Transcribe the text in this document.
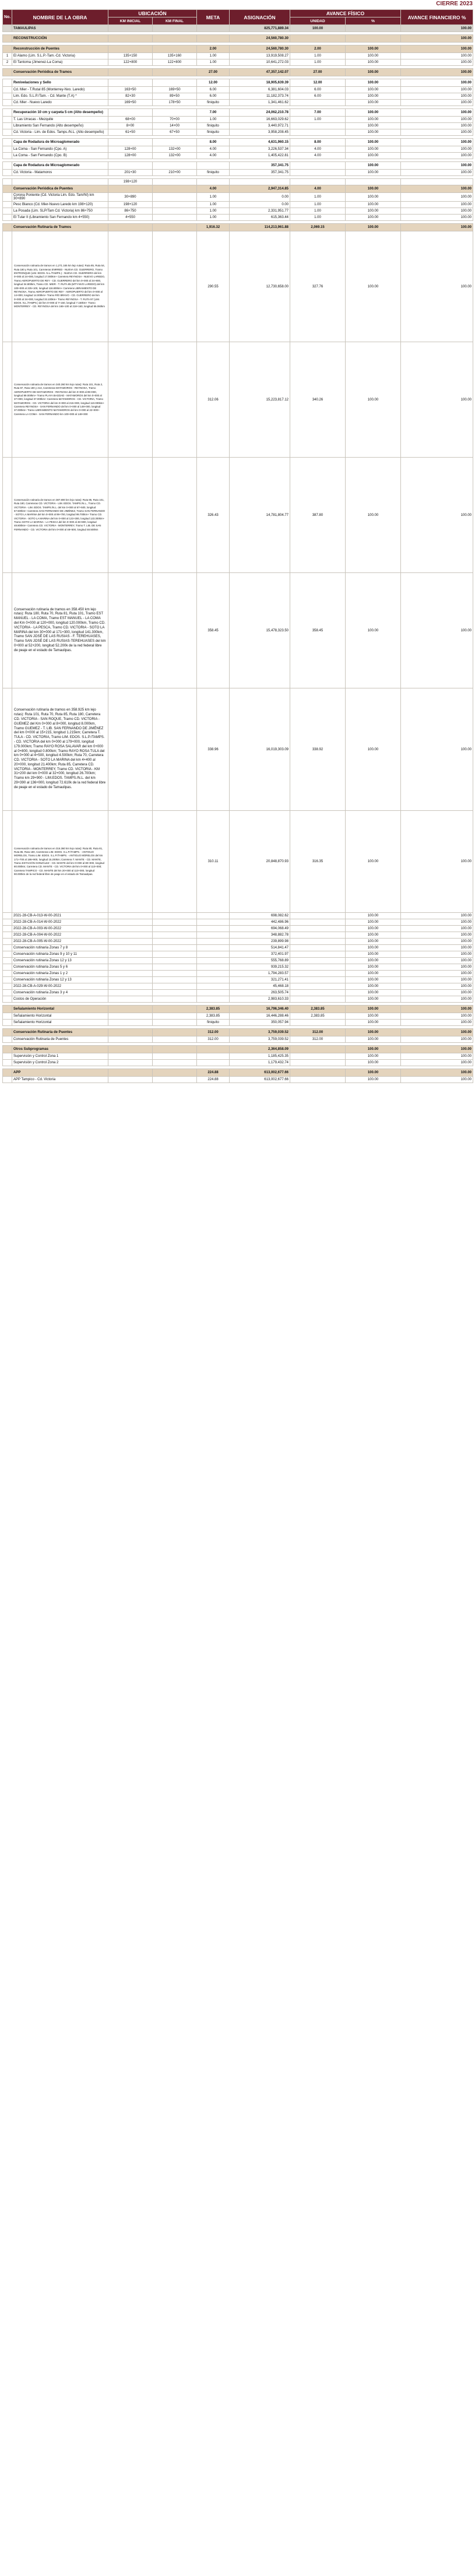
CIERRE 2023
No.	NOMBRE DE LA OBRA	UBICACIÓN		META	ASIGNACIÓN	AVANCE FÍSICO		AVANCE FINANCIERO %
		KM INICIAL	KM FINAL			UNIDAD	%	
	TAMAULIPAS				825,771,889.34	100.00		100.00

	RECONSTRUCCIÓN				24,560,780.30			100.00

	Reconstrucción de Puentes			2.00	24,560,780.30	2.00	100.00	100.00
1	El Alamo (Lim. S.L.P.-Tam.-Cd. Victoria)	135+150	135+160	1.00	13,919,508.27	1.00	100.00	100.00
2	El Tantoma (Jimenez-La Coma)	122+800	122+800	1.00	10,641,272.03	1.00	100.00	100.00

	Conservación Periódica de Tramos			27.00	47,357,142.07	27.00	100.00	100.00

	Renivelaciones y Sello			12.00	18,905,639.39	12.00	100.00	100.00
	Cd. Mier - T.Rutal 85 (Monterrey-Nvo. Laredo)	163+50	169+50	6.00	6,381,604.03	6.00	100.00	100.00
	Lim. Edo. S.L.P./Tam. - Cd. Mante (T.A) *	82+30	89+50	6.00	11,182,373.74	6.00	100.00	100.00
	Cd. Mier - Nuevo Laredo	169+50	178+50	finiquito	1,341,461.62		100.00	100.00

	Recuperación 10 cm y carpeta 5 cm (Alto desempeño)			7.00	24,062,210.78	7.00	100.00	100.00
	T. Las Urracas - Mezquite	68+00	70+00	1.00	16,663,029.62	1.00	100.00	100.00
	Libramiento San Fernando (Alto desempeño)	8+00	14+00	finiquito	3,440,972.71		100.00	100.00
	Cd. Victoria - Lim. de Edos. Tamps./N.L. (Alto desempeño)	61+50	67+50	finiquito	3,958,208.45		100.00	100.00

	Capa de Rodadura de Microaglomerado			8.00	4,631,960.15	8.00	100.00	100.00
	La Coma - San Fernando (Cpo. A)	128+00	132+00	4.00	3,226,537.34	4.00	100.00	100.00
	La Coma - San Fernando (Cpo. B)	128+00	132+00	4.00	1,405,422.81	4.00	100.00	100.00

	Capa de Rodadura de Microaglomerado				357,341.75		100.00	100.00
	Cd. Victoria - Matamoros	201+30	210+00	finiquito	357,341.75		100.00	100.00

		198+120						
	Conservación Periódica de Puentes			4.00	2,947,314.85	4.00	100.00	100.00
	Corona Poniente (Cd. Victoria Lim. Edo. Tam/Nl) km 30+890	30+890		1.00	0.00	1.00	100.00	100.00
	Pesc Blanco (Cd. Mier-Nuevo Laredo km 198+120)	198+120		1.00	0.00	1.00	100.00	100.00
	La Posada (Lim. SLP/Tam Cd. Victoria) km 86+750	86+750		1.00	2,331,951.77	1.00	100.00	100.00
	El Tular II (Libramiento San Fernando km 4+550)	4+550		1.00	615,363.44	1.00	100.00	100.00

	Conservación Rutinaria de Tramos			1,916.32	114,213,961.88	2,069.15	100.00	100.00
	Conservación rutinaria de tramos en 1,271.165 km lejo rutas): Ruta 85, Ruta 54, Ruta 180 y Ruta 101, Carreteras ENRRED - NUEVA CD. GUERRERO, Tramo ENTRONQUE (LIM. EDOS. N.L./TAMPS.) - NUEVA CD. GUERRERO del km 0+000 al 24+000, longitud 17.000km+ Carretera REYNOSA - NUEVO LAREDO, Tramo AEROPUERTO DE REY - CD. GUERRERO del km 0+000 al 34+800, longitud 34.800km, Tramo CD. MIER - T. RUTA 85 (MTY-NVO LAREDO) del km 100+000 al 225+100, longitud 118.800km+ Carretera LIBRAMIENTO DE REYNOSA, Tramo AEROPUERTO DE REY - AEROPUERTO del km 0+000 al 14+000, longitud 14.000km+ Tramo RÍO BRAVO - CD. GUERRERO del km 0+000 al 34+000, longitud 33.100km+ Tramo REYNOSA - T. RUTA 97 (LIM. EDOS. N.L./TAMPS.) del km 0+000 al 7+150, longitud 7.150km+ Tramo MONTERREY - CD. REYNOSA del km 165+100 al 218+160, longitud 55.060km			290.55	12,730,658.00	327.76	100.00	100.00
	Conservación rutinaria de tramos en 340.260 km lejo rutas): Ruta 101, Ruta 2, Ruta 97, Ruta 180 y 213, Carreteras MATAMOROS - REYNOSA, Tramo AEROPUERTO DE MATAMOROS - REYNOSA del km 0+000 al 89+000, longitud 89.000km+ Tramo PLAYA BAGDAD - MATAMOROS del km 0+000 al 37+000, longitud 37.000km+ Carretera MATAMOROS - CD. VICTORIA, Tramo MATAMOROS - CD. VICTORIA del km 0+000 al 215+000, longitud 110.000km+ Carretera REYNOSA - SAN FERNANDO del km 0+000 al 148+000, longitud 37.000km+ Tramo LIBRAMIENTO MATAMOROS del km 0+000 al 22+000+ Carretera LA COMA - SAN FERNANDO km 100+000 al 148+000			312.06	15,223,817.12	340.26	100.00	100.00
	Conservación rutinaria de tramos en 387.800 km lejo rutas): Ruta 85, Ruta 101, Ruta 180, Carreteras CD. VICTORIA - LIM. EDOS. TAMPS./N.L., Tramo CD. VICTORIA - LIM. EDOS. TAMPS./N.L. del km 0+000 al 67+500, longitud 67.500km+ Carretera SAN FERNANDO DE JIMÉNEZ, Tramo SAN FERNANDO - SOTO LA MARINA del km 0+000 al 99+700, longitud 99.700km+ Tramo CD. VICTORIA - SOTO LA MARINA del km 0+000 al 123+300, longitud 123.300km+ Tramo SOTO LA MARINA - LA PESCA del km 0+000 al 48+800, longitud 48.800km+ Carretera CD. VICTORIA - MONTERREY, Tramo T. LIB. DE SAN FERNANDO - CD. VICTORIA del km 0+000 al 48+500, longitud 48.500km			326.43	14,781,804.77	387.80	100.00	100.00
	Conservación rutinaria de tramos en 358.450 km lejo rutas): Ruta 180, Ruta 70, Ruta 81, Ruta 101, Tramo EST MANUEL - LA COMA, Tramo EST MANUEL - LA COMA del Km 0+000 al 120+000, longitud 120.000km, Tramo CD. VICTORIA - LA PESCA, Tramo CD. VICTORIA - SOTO LA MARINA del km 30+000 al 171+300, longitud 141.300km, Tramo SAN JOSÉ DE LAS RUSIAS - F. TEREHUASES, Tramo SAN JOSÉ DE LAS RUSIAS-TEREHUASES del km 0+000 al 52+200, longitud 52.200k de la red federal libre de peaje en el estado de Tamaulipas.			358.45	15,478,323.50	358.45	100.00	100.00
	Conservación rutinaria de tramos en 358.925 km lejo rutas): Ruta 101, Ruta 70, Ruta 85, Ruta 180, Carretera CD. VICTORIA - SAN ROQUE, Tramo CD. VICTORIA - GUEMEZ del Km 0+000 al 8+000, longitud 8.000km, Tramo GUEMEZ - T. LIB. SAN FERNANDO DE JIMÉNEZ del km 0+000 al 15+215, longitud 1.215km; Carretera T. TULA - CD. VICTORIA, Tramo LIM. EDOS. S.L.P./TAMPS. - CD. VICTORIA del km 0+000 al 179+000, longitud 179.000km; Tramo RAYO ROSA SALAVAR del km 0+000 al 0+800, longitud 0.800km; Tramo RAYO ROSA TULA del km 0+000 al 4+500, longitud 4.500km; Ruta 70, Carretera CD. VICTORIA - SOTO LA MARINA del km 4+400 al 20+000, longitud 21.400km; Ruta 85, Carretera CD. VICTORIA - MONTERREY, Tramo CD. VICTORIA - KM 31+200 del km 0+000 al 32+000, longitud 26.700km; Tramo km 29+900 - LIM.EDOS. TAMPS./N.L. del km 29+390 al 136+000, longitud 72.610k de la red federal libre de peaje en el estado de Tamaulipas.			338.96	16,019,303.09	338.92	100.00	100.00
	Conservación rutinaria de tramos en 316.360 km lejo rutas): Ruta 80, Ruta 81, Ruta 85, Ruta 180, Carreteras LIM. EDOS. S.L.P./TAMPS. - ANTIGUO MORELOS, Tramo LIM. EDOS. S.L.P./TAMPS. - ANTIGUO MORELOS del km 171+700 al 186+900, longitud 15.200km; Carretera T. MANTE - CD. MANTE, Tramo ESTACIÓN GONZÁLEZ - CD. MANTE del km 0+000 al 80+000, longitud 80.000km; Carretera CD. MANTE - CD. VICTORIA del km 0+000 al 110+000; Carretera TAMPICO - CD. MANTE del km 20+000 al 110+000, longitud 90.000km de la red federal libre de peaje en el estado de Tamaulipas.			310.11	20,848,870.93	316.35	100.00	100.00
	2021-28-CB-A-013-W-00-2021				698,082.62		100.00	100.00
	2022-28-CB-A-014-W-00-2022				442,486.96		100.00	100.00
	2022-28-CB-A-003-W-00-2022				694,068.49		100.00	100.00
	2022-28-CB-A-004-W-00-2022				348,882.78		100.00	100.00
	2022-28-CB-A-005-W-00-2022				239,899.98		100.00	100.00
	Conservación rutinaria Zonas 7 y 8				514,841.47		100.00	100.00
	Conservación rutinaria Zonas 9 y 10 y 11				372,401.97		100.00	100.00
	Conservación rutinaria Zonas 12 y 13				555,768.89		100.00	100.00
	Conservación rutinaria Zonas 5 y 6				939,215.32		100.00	100.00
	Conservación rutinaria Zonas 1 y 2				1,794,283.57		100.00	100.00
	Conservación rutinaria Zonas 12 y 13				321,271.41		100.00	100.00
	2022-28-CB-A-029-W-00-2022				45,468.18		100.00	100.00
	Conservación rutinaria Zonas 3 y 4				263,505.74		100.00	100.00
	Costos de Operación				2,983,610.33		100.00	100.00

	Señalamiento Horizontal			2,383.85	16,796,346.40	2,383.85	100.00	100.00
	Señalamiento Horizontal			2,383.85	16,446,288.46	2,383.85	100.00	100.00
	Señalamiento Horizontal			finiquito	350,057.94		100.00	100.00

	Conservación Rutinaria de Puentes			312.00	3,759,039.52	312.00	100.00	100.00
	Conservación Rutinaria de Puentes			312.00	3,759,039.52	312.00	100.00	100.00

	Otros Subprogramas				2,364,858.09		100.00	100.00
	Supervisión y Control Zona 1				1,185,425.35		100.00	100.00
	Supervisión y Control Zona 2				1,179,432.74		100.00	100.00

	APP			224.88	613,002,677.66		100.00	100.00
	APP Tampico - Cd. Victoria			224.88	613,002,677.66		100.00	100.00
